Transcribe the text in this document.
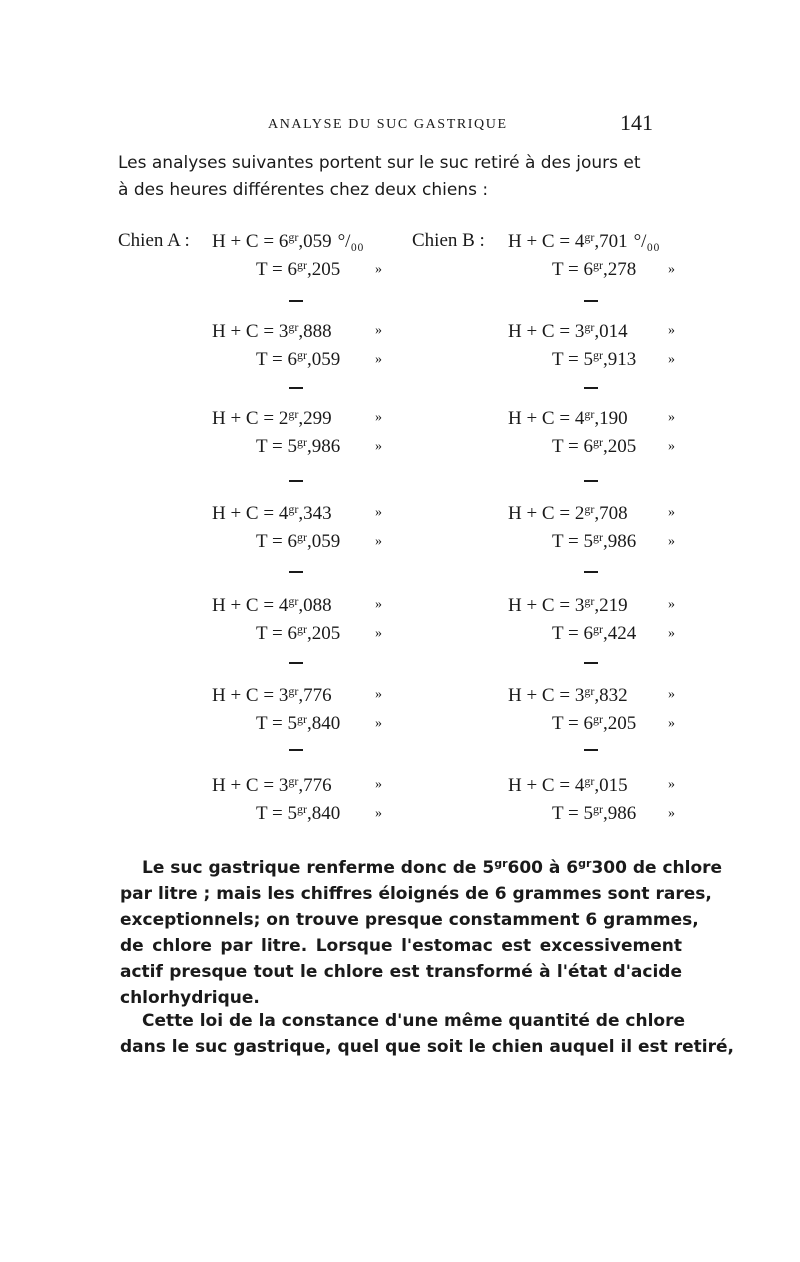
ANALYSE DU SUC GASTRIQUE	141
Les analyses suivantes portent sur le suc retiré à des jours et
à des heures différentes chez deux chiens :
Chien A :	Chien B :
$H + C = 6^{gr},059$ °/₀₀
$T = 6^{gr},205$ »
$H + C = 3^{gr},888$
$T = 6^{gr},059$
»
»
$H + C = 2^{gr},299$
$T = 5^{gr},986$
»
»
$H + C = 4^{gr},343$
$T = 6^{gr},059$
»
»
$H + C = 4^{gr},088$
$T = 6^{gr},205$
»
»
$H + C = 3^{gr},776$
$T = 5^{gr},840$
»
»
$H + C = 3^{gr},776$
$T = 5^{gr},840$
»
»
$H + C = 4^{gr},701$ °/₀₀
$T = 6^{gr},278$ »
$H + C = 3^{gr},014$
$T = 5^{gr},913$
»
»
$H + C = 4^{gr},190$
$T = 6^{gr},205$
»
»
$H + C = 2^{gr},708$
$T = 5^{gr},986$
»
»
$H + C = 3^{gr},219$
$T = 6^{gr},424$
»
»
$H + C = 3^{gr},832$
$T = 6^{gr},205$
»
»
$H + C = 4^{gr},015$
$T = 5^{gr},986$
»
»
Le suc gastrique renferme donc de $5^{gr}600$ à $6^{gr}300$ de chlore
par litre ; mais les chiffres éloignés de 6 grammes sont rares,
exceptionnels; on trouve presque constamment 6 grammes,
de chlore par litre. Lorsque l'estomac est excessivement
actif presque tout le chlore est transformé à l'état d'acide
chlorhydrique.
Cette loi de la constance d'une même quantité de chlore
dans le suc gastrique, quel que soit le chien auquel il est retiré,
